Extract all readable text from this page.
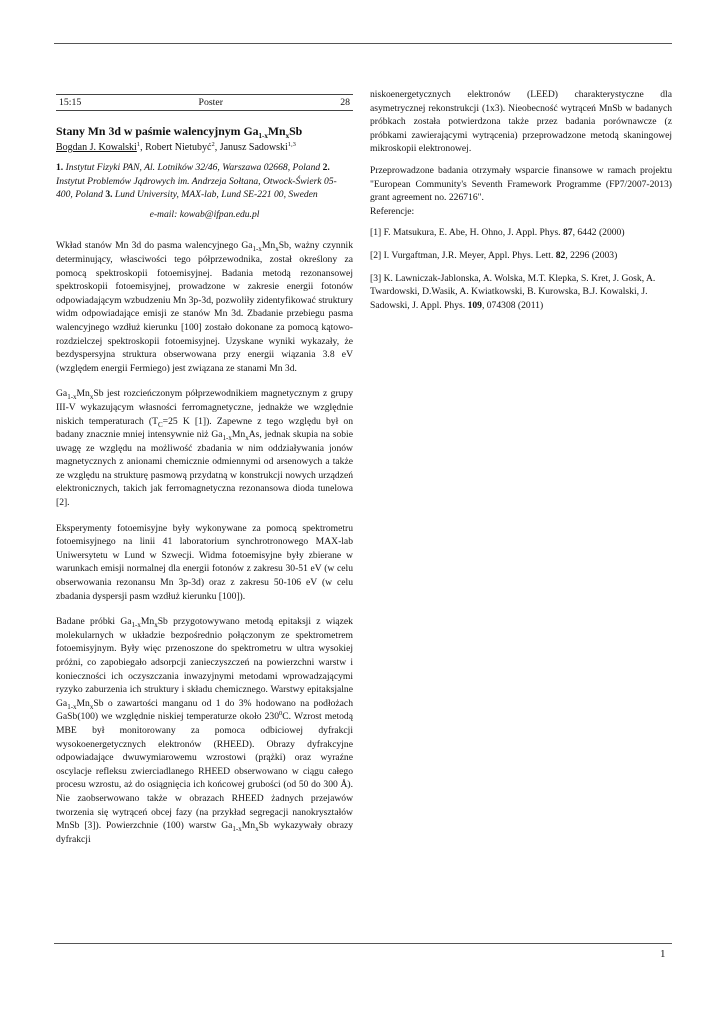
15:15	Poster	28
Stany Mn 3d w paśmie walencyjnym $Ga_{1-x}Mn_xSb$
Bogdan J. Kowalski$^1$, Robert Nietubyć$^2$, Janusz Sadowski$^{1,3}$
1. Instytut Fizyki PAN, Al. Lotników 32/46, Warszawa 02668, Poland 2. Instytut Problemów Jądrowych im. Andrzeja Sołtana, Otwock-Świerk 05-400, Poland 3. Lund University, MAX-lab, Lund SE-221 00, Sweden
e-mail: kowab@ifpan.edu.pl

Wkład stanów Mn 3d do pasma walencyjnego $Ga_{1-x}Mn_xSb$, ważny czynnik determinujący, własciwości tego półprzewodnika, został określony za pomocą spektroskopii fotoemisyjnej. Badania metodą rezonansowej spektroskopii fotoemisyjnej, prowadzone w zakresie energii fotonów odpowiadającym wzbudzeniu Mn 3p-3d, pozwoliły zidentyfikować struktury widm odpowiadające emisji ze stanów Mn 3d. Zbadanie przebiegu pasma walencyjnego wzdłuż kierunku [100] zostało dokonane za pomocą kątowo-rozdzielczej spektroskopii fotoemisyjnej. Uzyskane wyniki wykazały, że bezdyspersyjna struktura obserwowana przy energii wiązania 3.8 eV (względem energii Fermiego) jest związana ze stanami Mn 3d.

$Ga_{1-x}Mn_xSb$ jest rozcieńczonym półprzewodnikiem magnetycznym z grupy III-V wykazującym własności ferromagnetyczne, jednakże we względnie niskich temperaturach ($T_C=25$ K [1]). Zapewne z tego względu był on badany znacznie mniej intensywnie niż $Ga_{1-x}Mn_xAs$, jednak skupia na sobie uwagę ze względu na możliwość zbadania w nim oddziaływania jonów magnetycznych z anionami chemicznie odmiennymi od arsenowych a także ze względu na strukturę pasmową przydatną w konstrukcji nowych urządzeń elektronicznych, takich jak ferromagnetyczna rezonansowa dioda tunelowa [2].

Eksperymenty fotoemisyjne były wykonywane za pomocą spektrometru fotoemisyjnego na linii 41 laboratorium synchrotronowego MAX-lab Uniwersytetu w Lund w Szwecji. Widma fotoemisyjne były zbierane w warunkach emisji normalnej dla energii fotonów z zakresu 30-51 eV (w celu obserwowania rezonansu Mn 3p-3d) oraz z zakresu 50-106 eV (w celu zbadania dyspersji pasm wzdłuż kierunku [100]).

Badane próbki $Ga_{1-x}Mn_xSb$ przygotowywano metodą epitaksji z wiązek molekularnych w układzie bezpośrednio połączonym ze spektrometrem fotoemisyjnym. Były więc przenoszone do spektrometru w ultra wysokiej próżni, co zapobiegało adsorpcji zanieczyszczeń na powierzchni warstw i konieczności ich oczyszczania inwazyjnymi metodami wprowadzającymi ryzyko zaburzenia ich struktury i składu chemicznego. Warstwy epitaksjalne $Ga_{1-x}Mn_xSb$ o zawartości manganu od 1 do 3% hodowano na podłożach GaSb(100) we względnie niskiej temperaturze około $230^0C$. Wzrost metodą MBE był monitorowany za pomoca odbiciowej dyfrakcji wysokoenergetycznych elektronów (RHEED). Obrazy dyfrakcyjne odpowiadające dwuwymiarowemu wzrostowi (prążki) oraz wyraźne oscylacje refleksu zwierciadlanego RHEED obserwowano w ciągu całego procesu wzrostu, aż do osiągnięcia ich końcowej grubości (od 50 do 300 Å). Nie zaobserwowano także w obrazach RHEED żadnych przejawów tworzenia się wytrąceń obcej fazy (na przykład segregacji nanokryształów MnSb [3]). Powierzchnie (100) warstw $Ga_{1-x}Mn_xSb$ wykazywały obrazy dyfrakcji

niskoenergetycznych elektronów (LEED) charakterystyczne dla asymetrycznej rekonstrukcji (1x3). Nieobecność wytrąceń MnSb w badanych próbkach została potwierdzona także przez badania porównawcze (z próbkami zawierającymi wytrącenia) przeprowadzone metodą skaningowej mikroskopii elektronowej.

Przeprowadzone badania otrzymały wsparcie finansowe w ramach projektu "European Community's Seventh Framework Programme (FP7/2007-2013) grant agreement no. 226716".

Referencje:
[1] F. Matsukura, E. Abe, H. Ohno, J. Appl. Phys. 87, 6442 (2000)
[2] I. Vurgaftman, J.R. Meyer, Appl. Phys. Lett. 82, 2296 (2003)
[3] K. Lawniczak-Jablonska, A. Wolska, M.T. Klepka, S. Kret, J. Gosk, A. Twardowski, D.Wasik, A. Kwiatkowski, B. Kurowska, B.J. Kowalski, J. Sadowski, J. Appl. Phys. 109, 074308 (2011)
1
